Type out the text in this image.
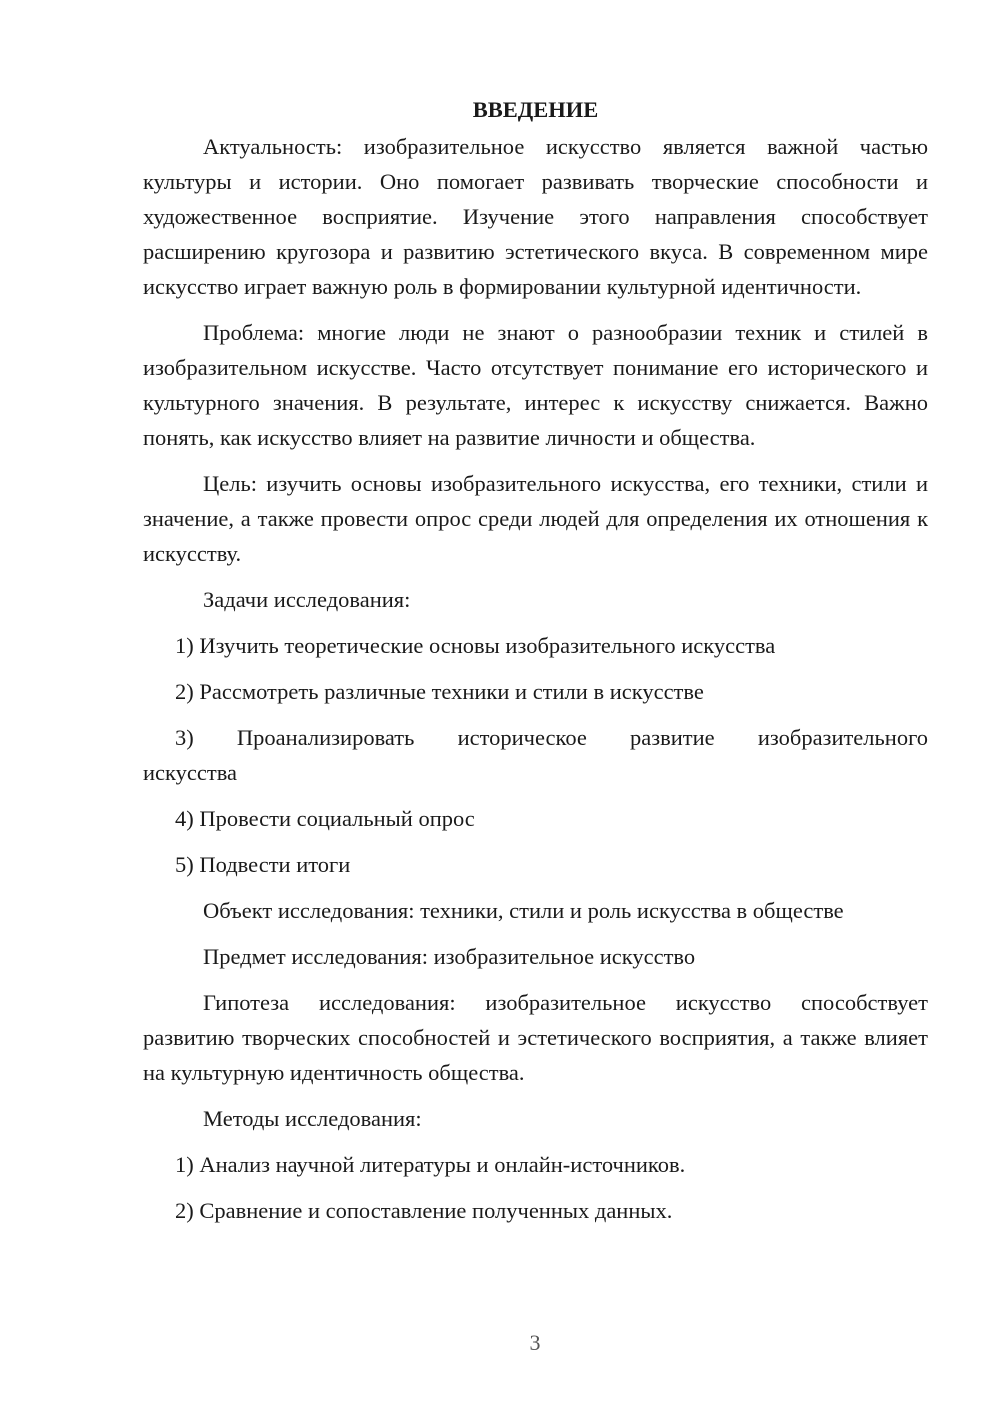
ВВЕДЕНИЕ

Актуальность: изобразительное искусство является важной частью культуры и истории. Оно помогает развивать творческие способности и художественное восприятие. Изучение этого направления способствует расширению кругозора и развитию эстетического вкуса. В современном мире искусство играет важную роль в формировании культурной идентичности.

Проблема: многие люди не знают о разнообразии техник и стилей в изобразительном искусстве. Часто отсутствует понимание его исторического и культурного значения. В результате, интерес к искусству снижается. Важно понять, как искусство влияет на развитие личности и общества.

Цель: изучить основы изобразительного искусства, его техники, стили и значение, а также провести опрос среди людей для определения их отношения к искусству.

Задачи исследования:
1) Изучить теоретические основы изобразительного искусства
2) Рассмотреть различные техники и стили в искусстве
3) Проанализировать историческое развитие изобразительного искусства
4) Провести социальный опрос
5) Подвести итоги
Объект исследования: техники, стили и роль искусства в обществе
Предмет исследования: изобразительное искусство

Гипотеза исследования: изобразительное искусство способствует развитию творческих способностей и эстетического восприятия, а также влияет на культурную идентичность общества.

Методы исследования:
1) Анализ научной литературы и онлайн-источников.
2) Сравнение и сопоставление полученных данных.
3
